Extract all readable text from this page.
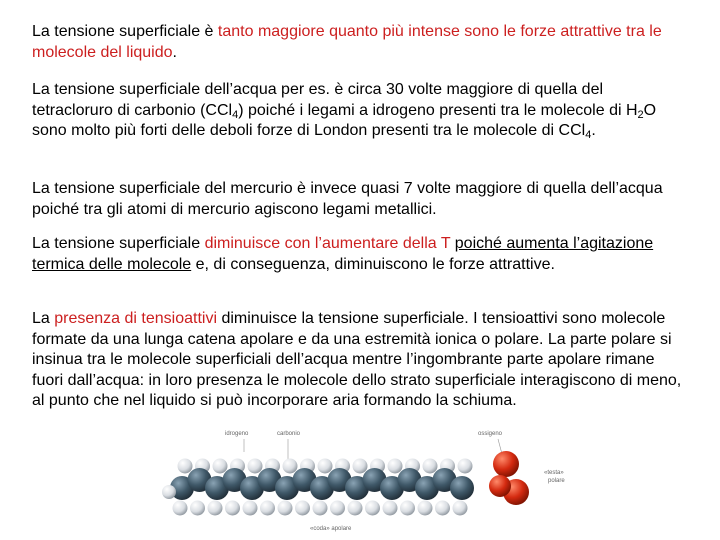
La tensione superficiale è tanto maggiore quanto più intense sono le forze attrattive tra le molecole del liquido.
La tensione superficiale dell’acqua per es. è circa 30 volte maggiore di quella del tetracloruro di carbonio (CCl$_4$) poiché i legami a idrogeno presenti tra le molecole di $H_2O$ sono molto più forti delle deboli forze di London presenti tra le molecole di CCl$_4$.
La tensione superficiale del mercurio è invece quasi 7 volte maggiore di quella dell’acqua poiché tra gli atomi di mercurio agiscono legami metallici.
La tensione superficiale diminuisce con l’aumentare della T poiché aumenta l’agitazione termica delle molecole e, di conseguenza, diminuiscono le forze attrattive.
La presenza di tensioattivi diminuisce la tensione superficiale. I tensioattivi sono molecole formate da una lunga catena apolare e da una estremità ionica o polare. La parte polare si insinua tra le molecole superficiali dell’acqua mentre l’ingombrante parte apolare rimane fuori dall’acqua: in loro presenza le molecole dello strato superficiale interagiscono di meno, al punto che nel liquido si può incorporare aria formando la schiuma.
idrogeno	carbonio	ossigeno
«testa»
polare
«coda» apolare
